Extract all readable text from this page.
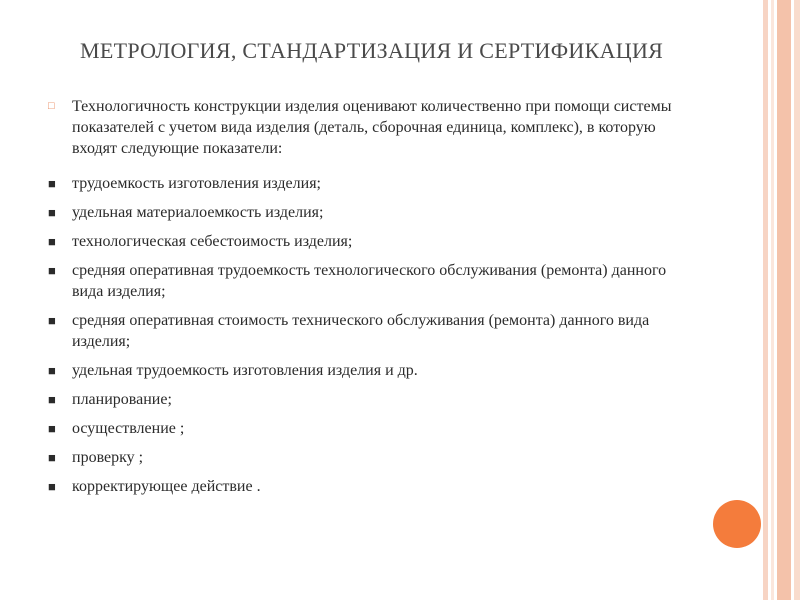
МЕТРОЛОГИЯ, СТАНДАРТИЗАЦИЯ И СЕРТИФИКАЦИЯ
□ Технологичность конструкции изделия оценивают количественно при помощи системы показателей с учетом вида изделия (деталь, сборочная единица, комплекс), в которую входят следующие показатели:
■ трудоемкость изготовления изделия;
■ удельная материалоемкость изделия;
■ технологическая себестоимость изделия;
■ средняя оперативная трудоемкость технологического обслуживания (ремонта) данного вида изделия;
■ средняя оперативная стоимость технического обслуживания (ремонта) данного вида изделия;
■ удельная трудоемкость изготовления изделия и др.
■ планирование;
■ осуществление ;
■ проверку ;
■ корректирующее действие .
